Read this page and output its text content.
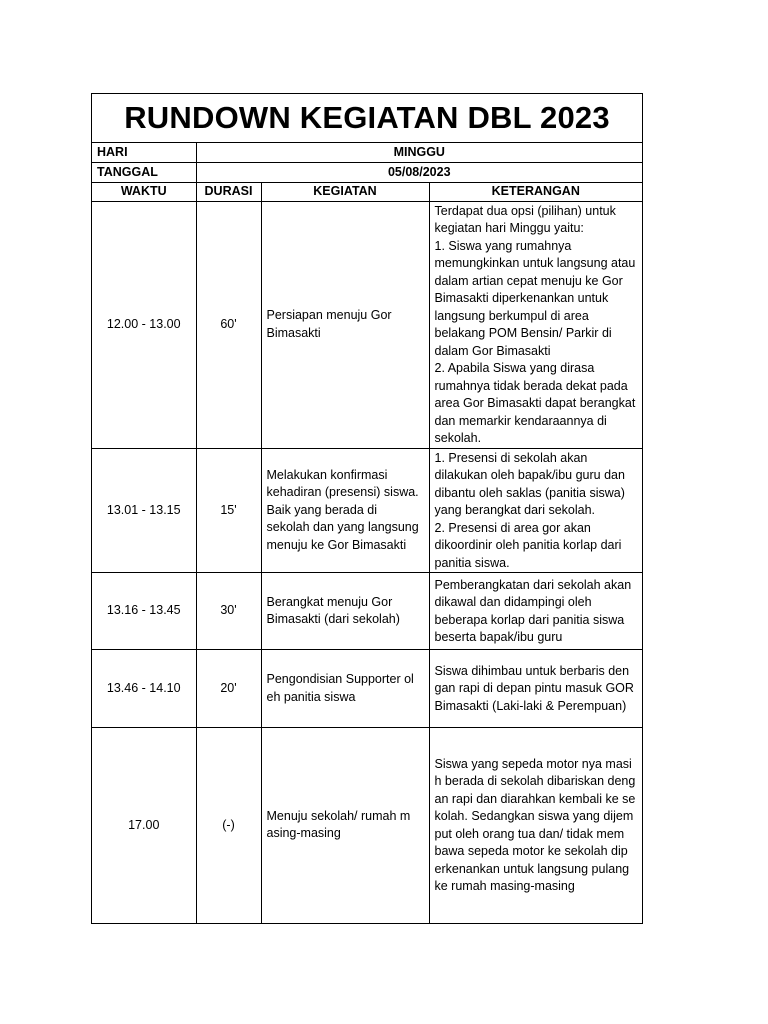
RUNDOWN KEGIATAN DBL 2023
HARI	MINGGU		
TANGGAL	05/08/2023		
WAKTU	DURASI	KEGIATAN	KETERANGAN
12.00 - 13.00	60'	Persiapan menuju Gor Bimasakti	Terdapat dua opsi (pilihan) untuk kegiatan hari Minggu yaitu:
1. Siswa yang rumahnya memungkinkan untuk langsung atau dalam artian cepat menuju ke Gor Bimasakti diperkenankan untuk langsung berkumpul di area belakang POM Bensin/ Parkir di dalam Gor Bimasakti
2. Apabila Siswa yang dirasa rumahnya tidak berada dekat pada area Gor Bimasakti dapat berangkat dan memarkir kendaraannya di sekolah.
13.01 - 13.15	15'	Melakukan konfirmasi kehadiran (presensi) siswa. Baik yang berada di sekolah dan yang langsung menuju ke Gor Bimasakti	1. Presensi di sekolah akan dilakukan oleh bapak/ibu guru dan dibantu oleh saklas (panitia siswa) yang berangkat dari sekolah.
2. Presensi di area gor akan dikoordinir oleh panitia korlap dari panitia siswa.
13.16 - 13.45	30'	Berangkat menuju Gor Bimasakti (dari sekolah)	Pemberangkatan dari sekolah akan dikawal dan didampingi oleh beberapa korlap dari panitia siswa beserta bapak/ibu guru
13.46 - 14.10	20'	Pengondisian Supporter ol eh panitia siswa	Siswa dihimbau untuk berbaris den gan rapi di depan pintu masuk GOR Bimasakti (Laki-laki & Perempuan)
17.00	(-)	Menuju sekolah/ rumah m asing-masing	Siswa yang sepeda motor nya masi h berada di sekolah dibariskan deng an rapi dan diarahkan kembali ke se kolah. Sedangkan siswa yang dijem put oleh orang tua dan/ tidak mem bawa sepeda motor ke sekolah dip erkenankan untuk langsung pulang ke rumah masing-masing
